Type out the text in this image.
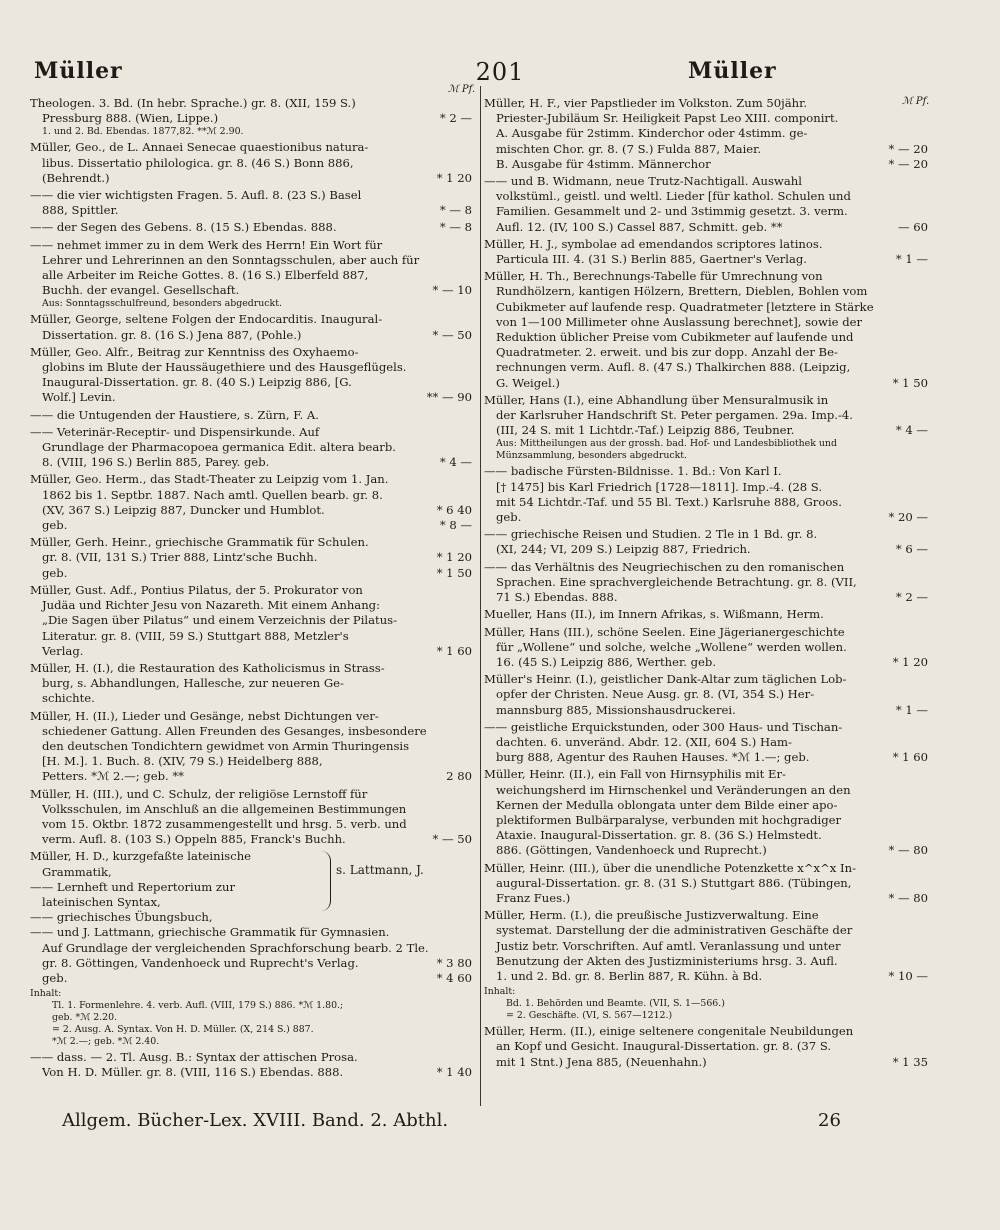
Müller	201	Müller
ℳ Pf.
ℳ Pf.
Theologen. 3. Bd. (In hebr. Sprache.) gr. 8. (XII, 159 S.)
Pressburg 888. (Wien, Lippe.)	* 2 —
1. und 2. Bd. Ebendas. 1877,82. **ℳ 2.90.
Müller, Geo., de L. Annaei Senecae quaestionibus natura-
libus. Dissertatio philologica. gr. 8. (46 S.) Bonn 886,
(Behrendt.)	* 1 20
—— die vier wichtigsten Fragen. 5. Aufl. 8. (23 S.) Basel
888, Spittler.	* — 8
—— der Segen des Gebens. 8. (15 S.) Ebendas. 888.	* — 8
—— nehmet immer zu in dem Werk des Herrn! Ein Wort für
Lehrer und Lehrerinnen an den Sonntagsschulen, aber auch für
alle Arbeiter im Reiche Gottes. 8. (16 S.) Elberfeld 887,
Buchh. der evangel. Gesellschaft.	* — 10
Aus: Sonntagsschulfreund, besonders abgedruckt.
Müller, George, seltene Folgen der Endocarditis. Inaugural-
Dissertation. gr. 8. (16 S.) Jena 887, (Pohle.)	* — 50
Müller, Geo. Alfr., Beitrag zur Kenntniss des Oxyhaemo-
globins im Blute der Haussäugethiere und des Hausgeflügels.
Inaugural-Dissertation. gr. 8. (40 S.) Leipzig 886, [G.
Wolf.] Levin.	** — 90
—— die Untugenden der Haustiere, s. Zürn, F. A.
—— Veterinär-Receptir- und Dispensirkunde. Auf
Grundlage der Pharmacopoea germanica Edit. altera bearb.
8. (VIII, 196 S.) Berlin 885, Parey. geb.	* 4 —
Müller, Geo. Herm., das Stadt-Theater zu Leipzig vom 1. Jan.
1862 bis 1. Septbr. 1887. Nach amtl. Quellen bearb. gr. 8.
(XV, 367 S.) Leipzig 887, Duncker und Humblot.	* 6 40
geb.	* 8 —
Müller, Gerh. Heinr., griechische Grammatik für Schulen.
gr. 8. (VII, 131 S.) Trier 888, Lintz'sche Buchh.	* 1 20
geb.	* 1 50
Müller, Gust. Adf., Pontius Pilatus, der 5. Prokurator von
Judäa und Richter Jesu von Nazareth. Mit einem Anhang:
„Die Sagen über Pilatus“ und einem Verzeichnis der Pilatus-
Literatur. gr. 8. (VIII, 59 S.) Stuttgart 888, Metzler's
Verlag.	* 1 60
Müller, H. (I.), die Restauration des Katholicismus in Strass-
burg, s. Abhandlungen, Hallesche, zur neueren Ge-
schichte.
Müller, H. (II.), Lieder und Gesänge, nebst Dichtungen ver-
schiedener Gattung. Allen Freunden des Gesanges, insbesondere
den deutschen Tondichtern gewidmet von Armin Thuringensis
[H. M.]. 1. Buch. 8. (XIV, 79 S.) Heidelberg 888,
Petters. *ℳ 2.—; geb. **	2 80
Müller, H. (III.), und C. Schulz, der religiöse Lernstoff für
Volksschulen, im Anschluß an die allgemeinen Bestimmungen
vom 15. Oktbr. 1872 zusammengestellt und hrsg. 5. verb. und
verm. Aufl. 8. (103 S.) Oppeln 885, Franck's Buchh.	* — 50
Müller, H. D., kurzgefaßte lateinische
Grammatik,
—— Lernheft und Repertorium zur
lateinischen Syntax,
—— griechisches Übungsbuch,
s. Lattmann, J.
—— und J. Lattmann, griechische Grammatik für Gymnasien.
Auf Grundlage der vergleichenden Sprachforschung bearb. 2 Tle.
gr. 8. Göttingen, Vandenhoeck und Ruprecht's Verlag.	* 3 80
geb.	* 4 60
Inhalt:
Tl. 1. Formenlehre. 4. verb. Aufl. (VIII, 179 S.) 886. *ℳ 1.80.;
geb. *ℳ 2.20.
= 2. Ausg. A. Syntax. Von H. D. Müller. (X, 214 S.) 887.
*ℳ 2.—; geb. *ℳ 2.40.
—— dass. — 2. Tl. Ausg. B.: Syntax der attischen Prosa.
Von H. D. Müller. gr. 8. (VIII, 116 S.) Ebendas. 888.	* 1 40
Müller, H. F., vier Papstlieder im Volkston. Zum 50jähr.
Priester-Jubiläum Sr. Heiligkeit Papst Leo XIII. componirt.
A. Ausgabe für 2stimm. Kinderchor oder 4stimm. ge-
mischten Chor. gr. 8. (7 S.) Fulda 887, Maier.	* — 20
B. Ausgabe für 4stimm. Männerchor	* — 20
—— und B. Widmann, neue Trutz-Nachtigall. Auswahl
volkstüml., geistl. und weltl. Lieder [für kathol. Schulen und
Familien. Gesammelt und 2- und 3stimmig gesetzt. 3. verm.
Aufl. 12. (IV, 100 S.) Cassel 887, Schmitt. geb. **	— 60
Müller, H. J., symbolae ad emendandos scriptores latinos.
Particula III. 4. (31 S.) Berlin 885, Gaertner's Verlag.	* 1 —
Müller, H. Th., Berechnungs-Tabelle für Umrechnung von
Rundhölzern, kantigen Hölzern, Brettern, Dieblen, Bohlen vom
Cubikmeter auf laufende resp. Quadratmeter [letztere in Stärke
von 1—100 Millimeter ohne Auslassung berechnet], sowie der
Reduktion üblicher Preise vom Cubikmeter auf laufende und
Quadratmeter. 2. erweit. und bis zur dopp. Anzahl der Be-
rechnungen verm. Aufl. 8. (47 S.) Thalkirchen 888. (Leipzig,
G. Weigel.)	* 1 50
Müller, Hans (I.), eine Abhandlung über Mensuralmusik in
der Karlsruher Handschrift St. Peter pergamen. 29a. Imp.-4.
(III, 24 S. mit 1 Lichtdr.-Taf.) Leipzig 886, Teubner.	* 4 —
Aus: Mittheilungen aus der grossh. bad. Hof- und Landesbibliothek und Münzsammlung, besonders abgedruckt.
—— badische Fürsten-Bildnisse. 1. Bd.: Von Karl I.
[† 1475] bis Karl Friedrich [1728—1811]. Imp.-4. (28 S.
mit 54 Lichtdr.-Taf. und 55 Bl. Text.) Karlsruhe 888, Groos.
geb.	* 20 —
—— griechische Reisen und Studien. 2 Tle in 1 Bd. gr. 8.
(XI, 244; VI, 209 S.) Leipzig 887, Friedrich.	* 6 —
—— das Verhältnis des Neugriechischen zu den romanischen
Sprachen. Eine sprachvergleichende Betrachtung. gr. 8. (VII,
71 S.) Ebendas. 888.	* 2 —
Mueller, Hans (II.), im Innern Afrikas, s. Wißmann, Herm.
Müller, Hans (III.), schöne Seelen. Eine Jägerianergeschichte
für „Wollene“ und solche, welche „Wollene“ werden wollen.
16. (45 S.) Leipzig 886, Werther. geb.	* 1 20
Müller's Heinr. (I.), geistlicher Dank-Altar zum täglichen Lob-
opfer der Christen. Neue Ausg. gr. 8. (VI, 354 S.) Her-
mannsburg 885, Missionshausdruckerei.	* 1 —
—— geistliche Erquickstunden, oder 300 Haus- und Tischan-
dachten. 6. unveränd. Abdr. 12. (XII, 604 S.) Ham-
burg 888, Agentur des Rauhen Hauses. *ℳ 1.—; geb.	* 1 60
Müller, Heinr. (II.), ein Fall von Hirnsyphilis mit Er-
weichungsherd im Hirnschenkel und Veränderungen an den
Kernen der Medulla oblongata unter dem Bilde einer apo-
plektiformen Bulbärparalyse, verbunden mit hochgradiger
Ataxie. Inaugural-Dissertation. gr. 8. (36 S.) Helmstedt.
886. (Göttingen, Vandenhoeck und Ruprecht.)	* — 80
Müller, Heinr. (III.), über die unendliche Potenzkette x^x^x In-
augural-Dissertation. gr. 8. (31 S.) Stuttgart 886. (Tübingen,
Franz Fues.)	* — 80
Müller, Herm. (I.), die preußische Justizverwaltung. Eine
systemat. Darstellung der die administrativen Geschäfte der
Justiz betr. Vorschriften. Auf amtl. Veranlassung und unter
Benutzung der Akten des Justizministeriums hrsg. 3. Aufl.
1. und 2. Bd. gr. 8. Berlin 887, R. Kühn. à Bd.	* 10 —
Inhalt:
Bd. 1. Behörden und Beamte. (VII, S. 1—566.)
= 2. Geschäfte. (VI, S. 567—1212.)
Müller, Herm. (II.), einige seltenere congenitale Neubildungen
an Kopf und Gesicht. Inaugural-Dissertation. gr. 8. (37 S.
mit 1 Stnt.) Jena 885, (Neuenhahn.)	* 1 35
Allgem. Bücher-Lex. XVIII. Band. 2. Abthl.	26
